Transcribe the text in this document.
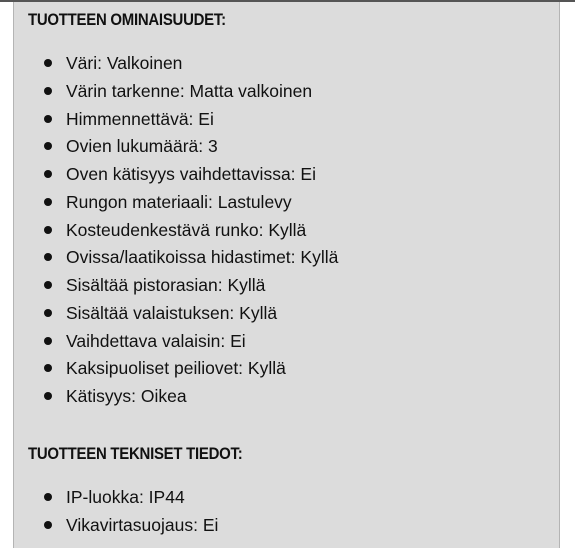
TUOTTEEN OMINAISUUDET:
Väri: Valkoinen
Värin tarkenne: Matta valkoinen
Himmennettävä: Ei
Ovien lukumäärä: 3
Oven kätisyys vaihdettavissa: Ei
Rungon materiaali: Lastulevy
Kosteudenkestävä runko: Kyllä
Ovissa/laatikoissa hidastimet: Kyllä
Sisältää pistorasian: Kyllä
Sisältää valaistuksen: Kyllä
Vaihdettava valaisin: Ei
Kaksipuoliset peiliovet: Kyllä
Kätisyys: Oikea
TUOTTEEN TEKNISET TIEDOT:
IP-luokka: IP44
Vikavirtasuojaus: Ei
